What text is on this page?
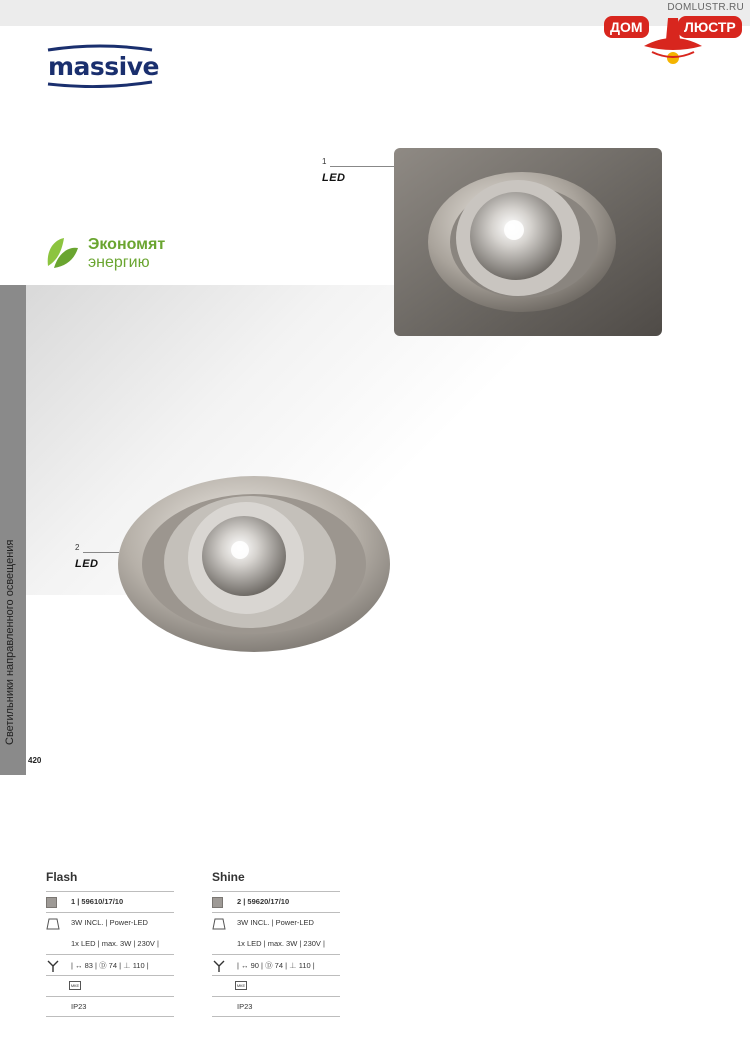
massive
DOMLUSTR.RU
ДОМ	ЛЮСТР
Экономят
энергию
1
LED
2
LED
Светильники направленного освещения
420
Flash
1 | 59610/17/10
3W INCL. | Power-LED
1x LED | max. 3W | 230V |
| ↔ 83 | Ⓓ 74 | ⊥ 110 |
МКЕ
IP23
Shine
2 | 59620/17/10
3W INCL. | Power-LED
1x LED | max. 3W | 230V |
| ↔ 90 | Ⓓ 74 | ⊥ 110 |
МКЕ
IP23
